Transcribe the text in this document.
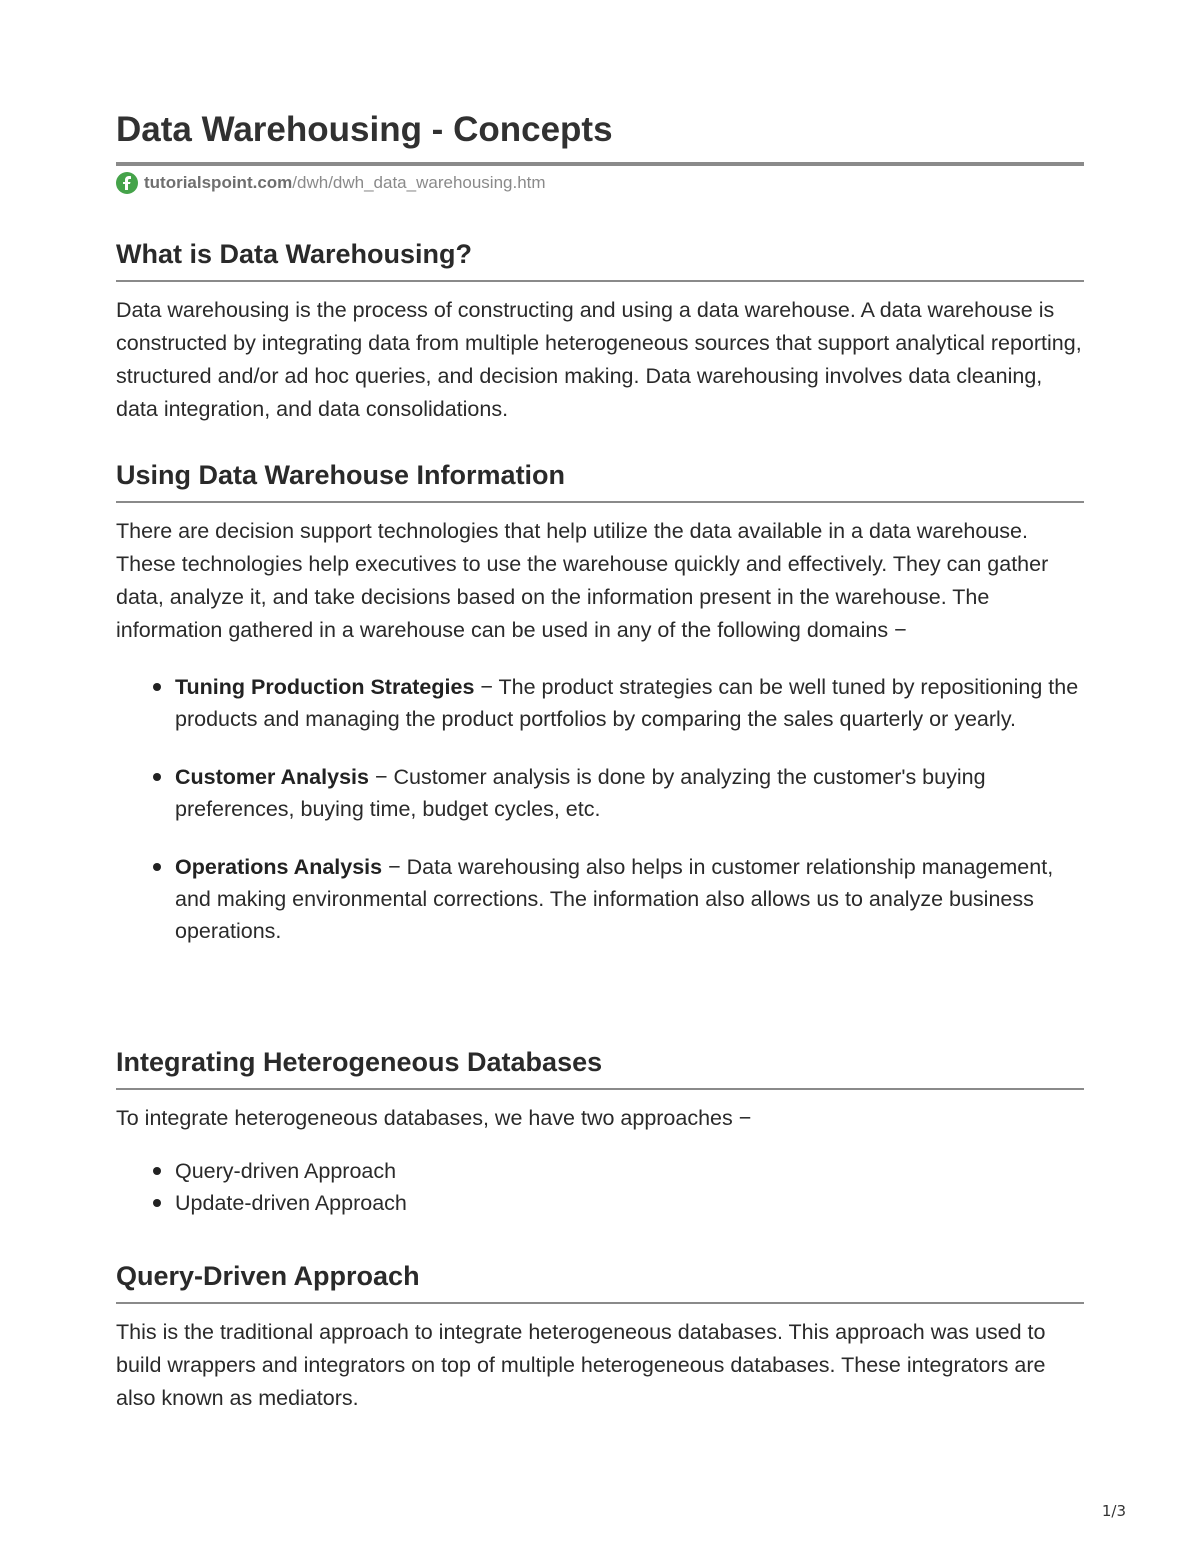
Data Warehousing - Concepts
tutorialspoint.com /dwh/dwh_data_warehousing.htm
What is Data Warehousing?

Data warehousing is the process of constructing and using a data warehouse. A data warehouse is constructed by integrating data from multiple heterogeneous sources that support analytical reporting, structured and/or ad hoc queries, and decision making. Data warehousing involves data cleaning, data integration, and data consolidations.

Using Data Warehouse Information

There are decision support technologies that help utilize the data available in a data warehouse. These technologies help executives to use the warehouse quickly and effectively. They can gather data, analyze it, and take decisions based on the information present in the warehouse. The information gathered in a warehouse can be used in any of the following domains −

Tuning Production Strategies − The product strategies can be well tuned by repositioning the products and managing the product portfolios by comparing the sales quarterly or yearly.
Customer Analysis − Customer analysis is done by analyzing the customer's buying preferences, buying time, budget cycles, etc.
Operations Analysis − Data warehousing also helps in customer relationship management, and making environmental corrections. The information also allows us to analyze business operations.
Integrating Heterogeneous Databases

To integrate heterogeneous databases, we have two approaches −

Query-driven Approach
Update-driven Approach
Query-Driven Approach

This is the traditional approach to integrate heterogeneous databases. This approach was used to build wrappers and integrators on top of multiple heterogeneous databases. These integrators are also known as mediators.

1/3
